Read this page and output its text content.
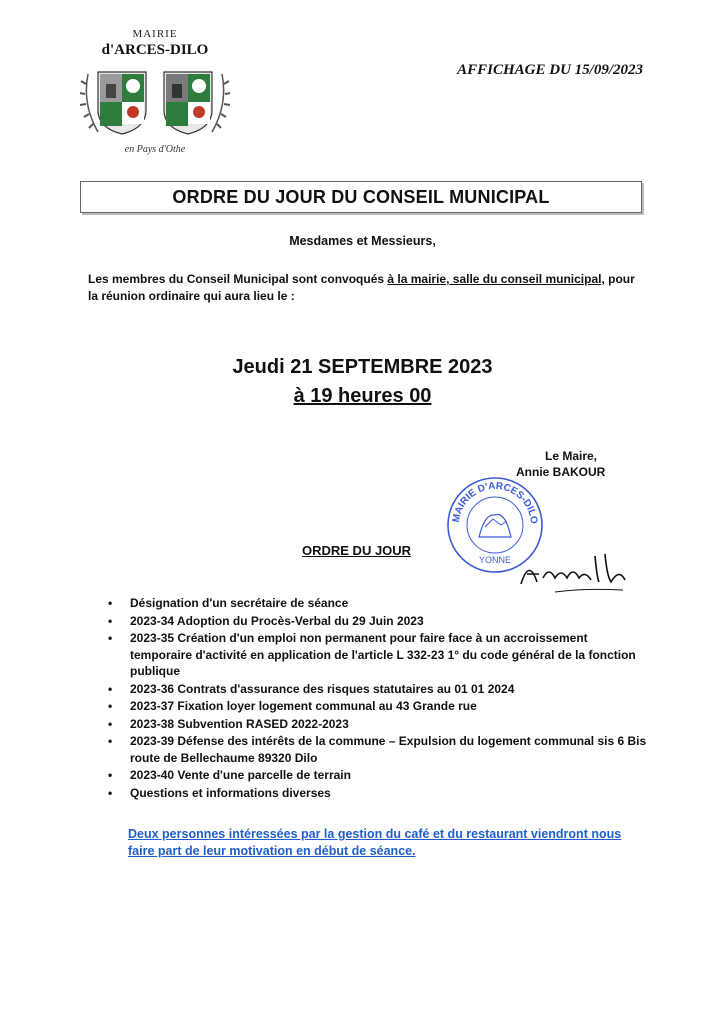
MAIRIE
d'ARCES-DILO
en Pays d'Othe
AFFICHAGE DU 15/09/2023
ORDRE DU JOUR DU CONSEIL MUNICIPAL
Mesdames et Messieurs,
Les membres du Conseil Municipal sont convoqués à la mairie, salle du conseil municipal, pour la réunion ordinaire qui aura lieu le :
Jeudi 21 SEPTEMBRE 2023
à 19 heures 00
Le Maire,
Annie BAKOUR
MAIRIE D'ARCES-DILO
YONNE
A. Amolls
ORDRE DU JOUR
• Désignation d'un secrétaire de séance
• 2023-34 Adoption du Procès-Verbal du 29 Juin 2023
• 2023-35 Création d'un emploi non permanent pour faire face à un accroissement temporaire d'activité en application de l'article L 332-23 1° du code général de la fonction publique
• 2023-36 Contrats d'assurance des risques statutaires au 01 01 2024
• 2023-37 Fixation loyer logement communal au 43 Grande rue
• 2023-38 Subvention RASED 2022-2023
• 2023-39 Défense des intérêts de la commune – Expulsion du logement communal sis 6 Bis route de Bellechaume 89320 Dilo
• 2023-40 Vente d'une parcelle de terrain
• Questions et informations diverses
Deux personnes intéressées par la gestion du café et du restaurant viendront nous faire part de leur motivation en début de séance.
